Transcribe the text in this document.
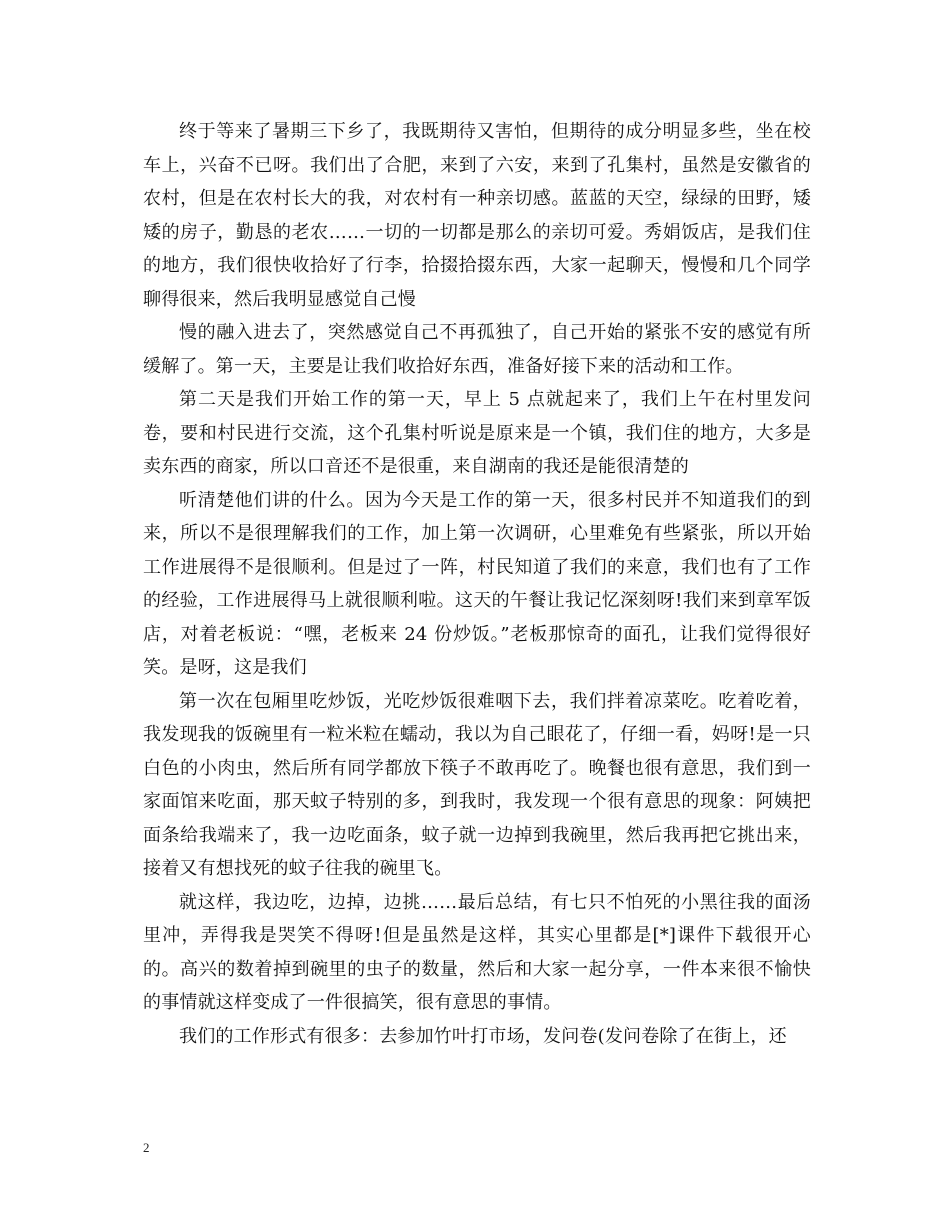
终于等来了暑期三下乡了，我既期待又害怕，但期待的成分明显多些，坐在校车上，兴奋不已呀。我们出了合肥，来到了六安，来到了孔集村，虽然是安徽省的农村，但是在农村长大的我，对农村有一种亲切感。蓝蓝的天空，绿绿的田野，矮矮的房子，勤恳的老农……一切的一切都是那么的亲切可爱。秀娟饭店，是我们住的地方，我们很快收拾好了行李，拾掇拾掇东西，大家一起聊天，慢慢和几个同学聊得很来，然后我明显感觉自己慢

慢的融入进去了，突然感觉自己不再孤独了，自己开始的紧张不安的感觉有所缓解了。第一天，主要是让我们收拾好东西，准备好接下来的活动和工作。

第二天是我们开始工作的第一天，早上 5 点就起来了，我们上午在村里发问卷，要和村民进行交流，这个孔集村听说是原来是一个镇，我们住的地方，大多是卖东西的商家，所以口音还不是很重，来自湖南的我还是能很清楚的

听清楚他们讲的什么。因为今天是工作的第一天，很多村民并不知道我们的到来，所以不是很理解我们的工作，加上第一次调研，心里难免有些紧张，所以开始工作进展得不是很顺利。但是过了一阵，村民知道了我们的来意，我们也有了工作的经验，工作进展得马上就很顺利啦。这天的午餐让我记忆深刻呀!我们来到章军饭店，对着老板说：“嘿，老板来 24 份炒饭。”老板那惊奇的面孔，让我们觉得很好笑。是呀，这是我们

第一次在包厢里吃炒饭，光吃炒饭很难咽下去，我们拌着凉菜吃。吃着吃着，我发现我的饭碗里有一粒米粒在蠕动，我以为自己眼花了，仔细一看，妈呀!是一只白色的小肉虫，然后所有同学都放下筷子不敢再吃了。晚餐也很有意思，我们到一家面馆来吃面，那天蚊子特别的多，到我时，我发现一个很有意思的现象：阿姨把面条给我端来了，我一边吃面条，蚊子就一边掉到我碗里，然后我再把它挑出来，接着又有想找死的蚊子往我的碗里飞。

就这样，我边吃，边掉，边挑……最后总结，有七只不怕死的小黑往我的面汤里冲，弄得我是哭笑不得呀!但是虽然是这样，其实心里都是[*]课件下载很开心的。高兴的数着掉到碗里的虫子的数量，然后和大家一起分享，一件本来很不愉快的事情就这样变成了一件很搞笑，很有意思的事情。

我们的工作形式有很多：去参加竹叶打市场，发问卷(发问卷除了在街上，还

2
